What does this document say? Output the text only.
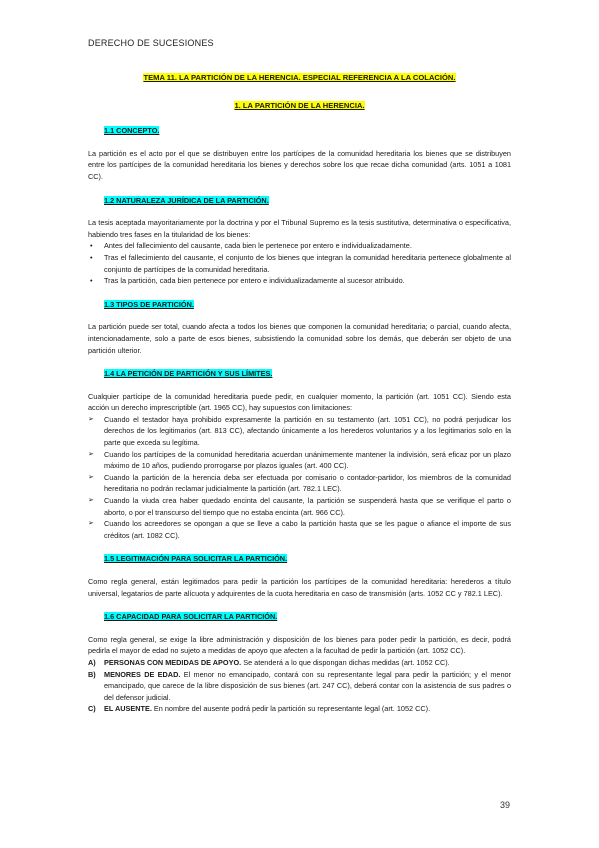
DERECHO DE SUCESIONES
TEMA 11. LA PARTICIÓN DE LA HERENCIA. ESPECIAL REFERENCIA A LA COLACIÓN.
1. LA PARTICIÓN DE LA HERENCIA.
1.1 CONCEPTO.

La partición es el acto por el que se distribuyen entre los partícipes de la comunidad hereditaria los bienes que se distribuyen entre los partícipes de la comunidad hereditaria los bienes y derechos sobre los que recae dicha comunidad (arts. 1051 a 1081 CC).

1.2 NATURALEZA JURÍDICA DE LA PARTICIÓN.

La tesis aceptada mayoritariamente por la doctrina y por el Tribunal Supremo es la tesis sustitutiva, determinativa o especificativa, habiendo tres fases en la titularidad de los bienes:

• Antes del fallecimiento del causante, cada bien le pertenece por entero e individualizadamente.
• Tras el fallecimiento del causante, el conjunto de los bienes que integran la comunidad hereditaria pertenece globalmente al conjunto de partícipes de la comunidad hereditaria.
• Tras la partición, cada bien pertenece por entero e individualizadamente al sucesor atribuido.
1.3 TIPOS DE PARTICIÓN.

La partición puede ser total, cuando afecta a todos los bienes que componen la comunidad hereditaria; o parcial, cuando afecta, intencionadamente, solo a parte de esos bienes, subsistiendo la comunidad sobre los demás, que deberán ser objeto de una partición ulterior.

1.4 LA PETICIÓN DE PARTICIÓN Y SUS LÍMITES.

Cualquier partícipe de la comunidad hereditaria puede pedir, en cualquier momento, la partición (art. 1051 CC). Siendo esta acción un derecho imprescriptible (art. 1965 CC), hay supuestos con limitaciones:

➢ Cuando el testador haya prohibido expresamente la partición en su testamento (art. 1051 CC), no podrá perjudicar los derechos de los legitimarios (art. 813 CC), afectando únicamente a los herederos voluntarios y a los legitimarios solo en la parte que exceda su legítima.
➢ Cuando los partícipes de la comunidad hereditaria acuerdan unánimemente mantener la indivisión, será eficaz por un plazo máximo de 10 años, pudiendo prorrogarse por plazos iguales (art. 400 CC).
➢ Cuando la partición de la herencia deba ser efectuada por comisario o contador-partidor, los miembros de la comunidad hereditaria no podrán reclamar judicialmente la partición (art. 782.1 LEC).
➢ Cuando la viuda crea haber quedado encinta del causante, la partición se suspenderá hasta que se verifique el parto o aborto, o por el transcurso del tiempo que no estaba encinta (art. 966 CC).
➢ Cuando los acreedores se opongan a que se lleve a cabo la partición hasta que se les pague o afiance el importe de sus créditos (art. 1082 CC).
1.5 LEGITIMACIÓN PARA SOLICITAR LA PARTICIÓN.

Como regla general, están legitimados para pedir la partición los partícipes de la comunidad hereditaria: herederos a título universal, legatarios de parte alícuota y adquirentes de la cuota hereditaria en caso de transmisión (arts. 1052 CC y 782.1 LEC).

1.6 CAPACIDAD PARA SOLICITAR LA PARTICIÓN.

Como regla general, se exige la libre administración y disposición de los bienes para poder pedir la partición, es decir, podrá pedirla el mayor de edad no sujeto a medidas de apoyo que afecten a la facultad de pedir la partición (art. 1052 CC).

A) PERSONAS CON MEDIDAS DE APOYO. Se atenderá a lo que dispongan dichas medidas (art. 1052 CC).
B) MENORES DE EDAD. El menor no emancipado, contará con su representante legal para pedir la partición; y el menor emancipado, que carece de la libre disposición de sus bienes (art. 247 CC), deberá contar con la asistencia de sus padres o del defensor judicial.
C) EL AUSENTE. En nombre del ausente podrá pedir la partición su representante legal (art. 1052 CC).
39
